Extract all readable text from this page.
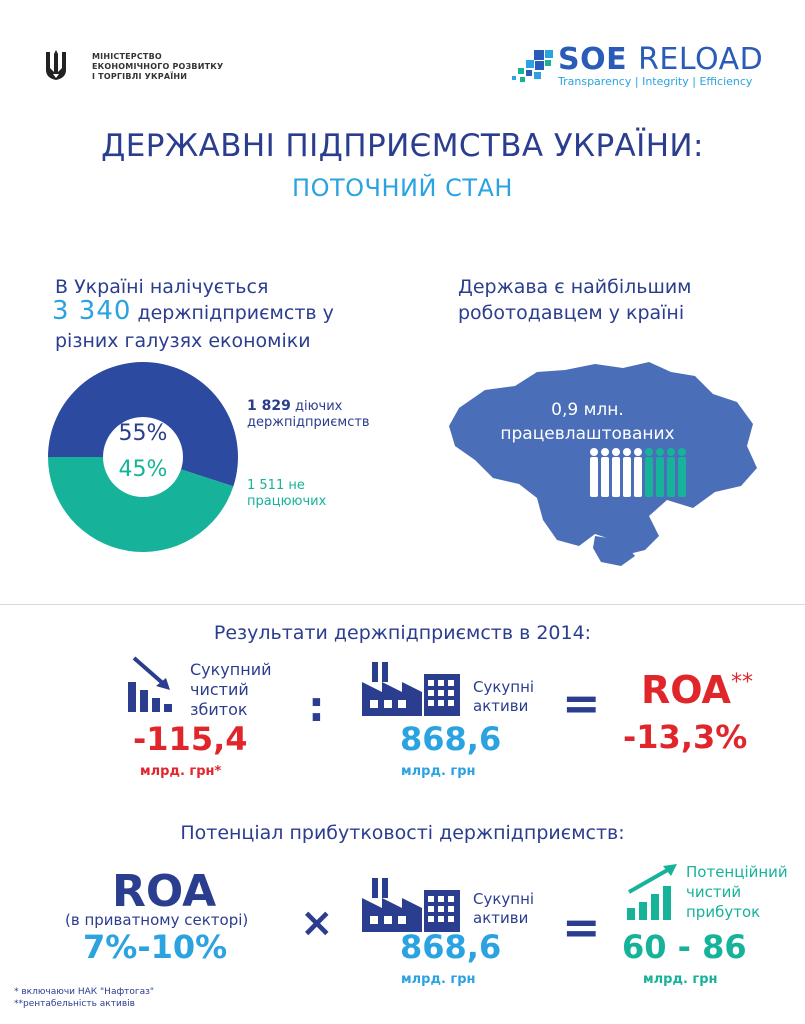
МІНІСТЕРСТВО
ЕКОНОМІЧНОГО РОЗВИТКУ
І ТОРГІВЛІ УКРАЇНИ	SOE RELOAD
Transparency | Integrity | Efficiency
ДЕРЖАВНІ ПІДПРИЄМСТВА УКРАЇНИ:
ПОТОЧНИЙ СТАН
В Україні налічується
3 340 держпідприємств у
різних галузях економіки
55%
45%
1 829 діючих
держпідприємств
1 511 не
працюючих
Держава є найбільшим
роботодавцем у країні
0,9 млн.
працевлаштованих
Результати держпідприємств в 2014:
Сукупний
чистий
збиток
-115,4
млрд. грн*
:	Сукупні
активи
868,6
млрд. грн
= ROA**
-13,3%
Потенціал прибутковості держпідприємств:
ROA
(в приватному секторі)
7%-10%
×
Сукупні
активи
868,6
млрд. грн
=
Потенційний
чистий
прибуток
60 - 86
млрд. грн
* включаючи НАК "Нафтогаз"
**рентабельність активів
